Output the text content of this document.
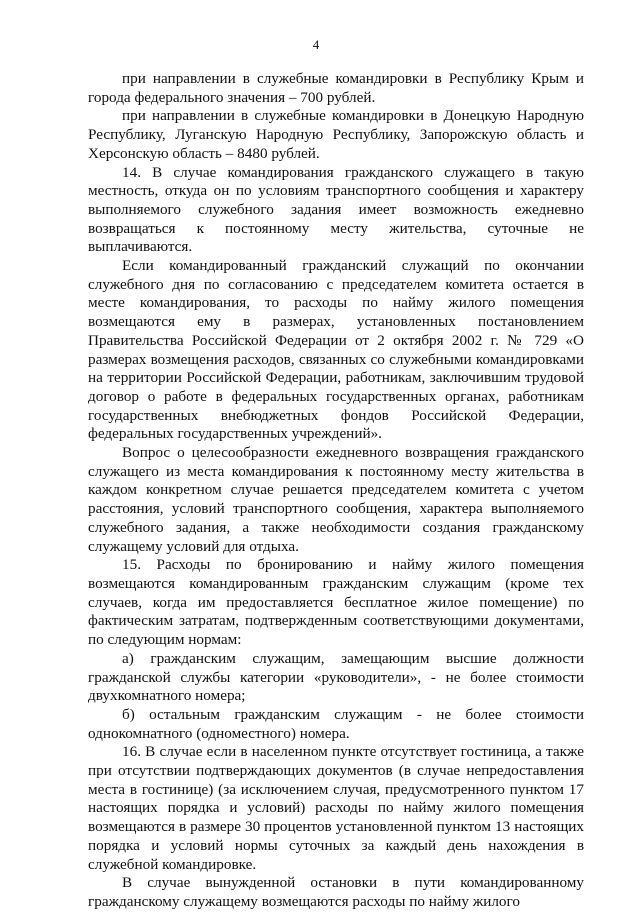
4

при направлении в служебные командировки в Республику Крым и города федерального значения – 700 рублей.

при направлении в служебные командировки в Донецкую Народную Республику, Луганскую Народную Республику, Запорожскую область и Херсонскую область – 8480 рублей.

14. В случае командирования гражданского служащего в такую местность, откуда он по условиям транспортного сообщения и характеру выполняемого служебного задания имеет возможность ежедневно возвращаться к постоянному месту жительства, суточные не выплачиваются.

Если командированный гражданский служащий по окончании служебного дня по согласованию с председателем комитета остается в месте командирования, то расходы по найму жилого помещения возмещаются ему в размерах, установленных постановлением Правительства Российской Федерации от 2 октября 2002 г. № 729 «О размерах возмещения расходов, связанных со служебными командировками на территории Российской Федерации, работникам, заключившим трудовой договор о работе в федеральных государственных органах, работникам государственных внебюджетных фондов Российской Федерации, федеральных государственных учреждений».

Вопрос о целесообразности ежедневного возвращения гражданского служащего из места командирования к постоянному месту жительства в каждом конкретном случае решается председателем комитета с учетом расстояния, условий транспортного сообщения, характера выполняемого служебного задания, а также необходимости создания гражданскому служащему условий для отдыха.

15. Расходы по бронированию и найму жилого помещения возмещаются командированным гражданским служащим (кроме тех случаев, когда им предоставляется бесплатное жилое помещение) по фактическим затратам, подтвержденным соответствующими документами, по следующим нормам:

а) гражданским служащим, замещающим высшие должности гражданской службы категории «руководители», - не более стоимости двухкомнатного номера;

б) остальным гражданским служащим - не более стоимости однокомнатного (одноместного) номера.

16. В случае если в населенном пункте отсутствует гостиница, а также при отсутствии подтверждающих документов (в случае непредоставления места в гостинице) (за исключением случая, предусмотренного пунктом 17 настоящих порядка и условий) расходы по найму жилого помещения возмещаются в размере 30 процентов установленной пунктом 13 настоящих порядка и условий нормы суточных за каждый день нахождения в служебной командировке.

В случае вынужденной остановки в пути командированному гражданскому служащему возмещаются расходы по найму жилого
